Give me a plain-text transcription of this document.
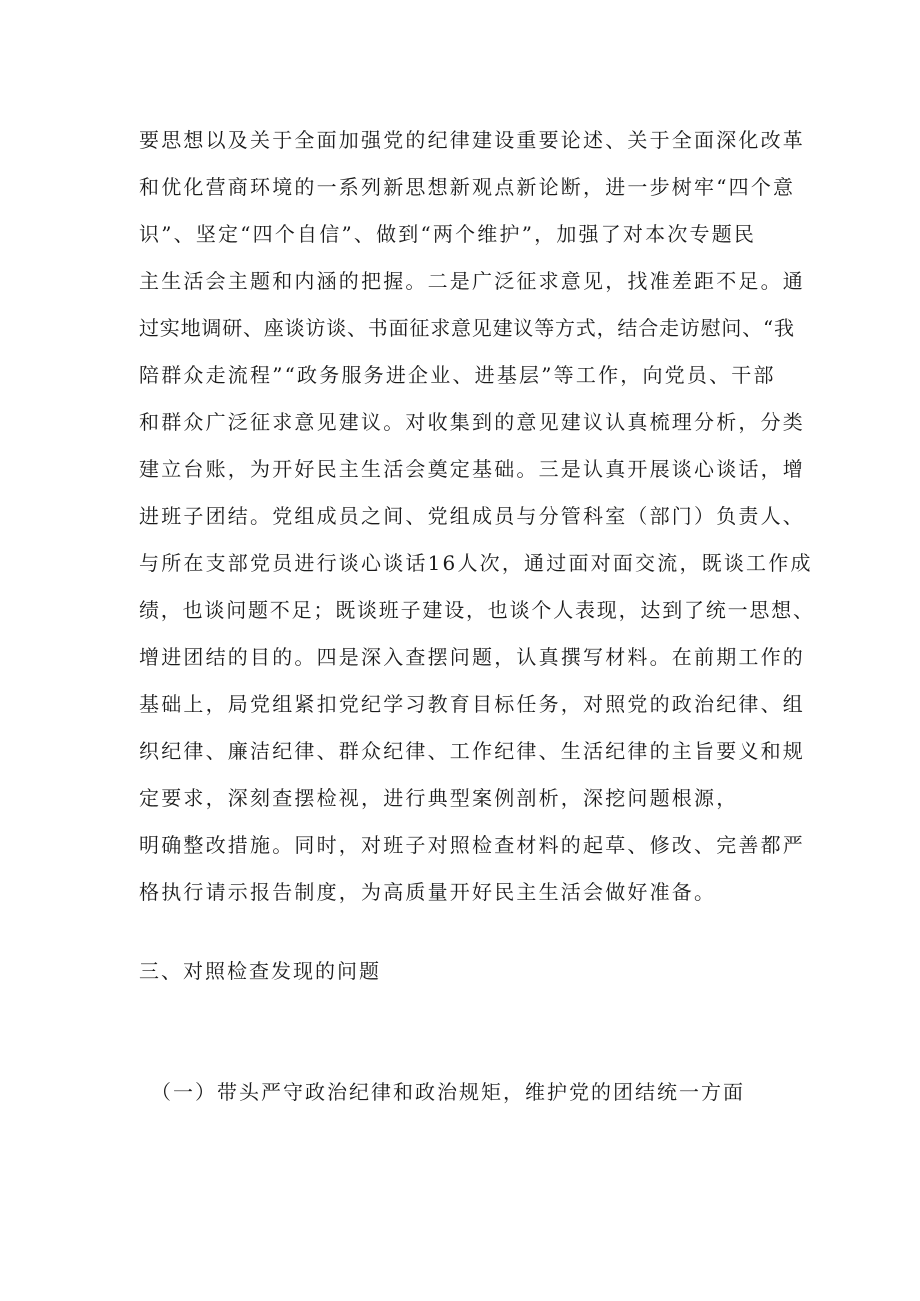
要思想以及关于全面加强党的纪律建设重要论述、关于全面深化改革
和优化营商环境的一系列新思想新观点新论断，进一步树牢“四个意
识”、坚定“四个自信”、做到“两个维护”，加强了对本次专题民
主生活会主题和内涵的把握。二是广泛征求意见，找准差距不足。通
过实地调研、座谈访谈、书面征求意见建议等方式，结合走访慰问、“我
陪群众走流程”“政务服务进企业、进基层”等工作，向党员、干部
和群众广泛征求意见建议。对收集到的意见建议认真梳理分析，分类
建立台账，为开好民主生活会奠定基础。三是认真开展谈心谈话，增
进班子团结。党组成员之间、党组成员与分管科室（部门）负责人、
与所在支部党员进行谈心谈话16人次，通过面对面交流，既谈工作成
绩，也谈问题不足；既谈班子建设，也谈个人表现，达到了统一思想、
增进团结的目的。四是深入查摆问题，认真撰写材料。在前期工作的
基础上，局党组紧扣党纪学习教育目标任务，对照党的政治纪律、组
织纪律、廉洁纪律、群众纪律、工作纪律、生活纪律的主旨要义和规
定要求，深刻查摆检视，进行典型案例剖析，深挖问题根源，
明确整改措施。同时，对班子对照检查材料的起草、修改、完善都严
格执行请示报告制度，为高质量开好民主生活会做好准备。
三、对照检查发现的问题
（一）带头严守政治纪律和政治规矩，维护党的团结统一方面
